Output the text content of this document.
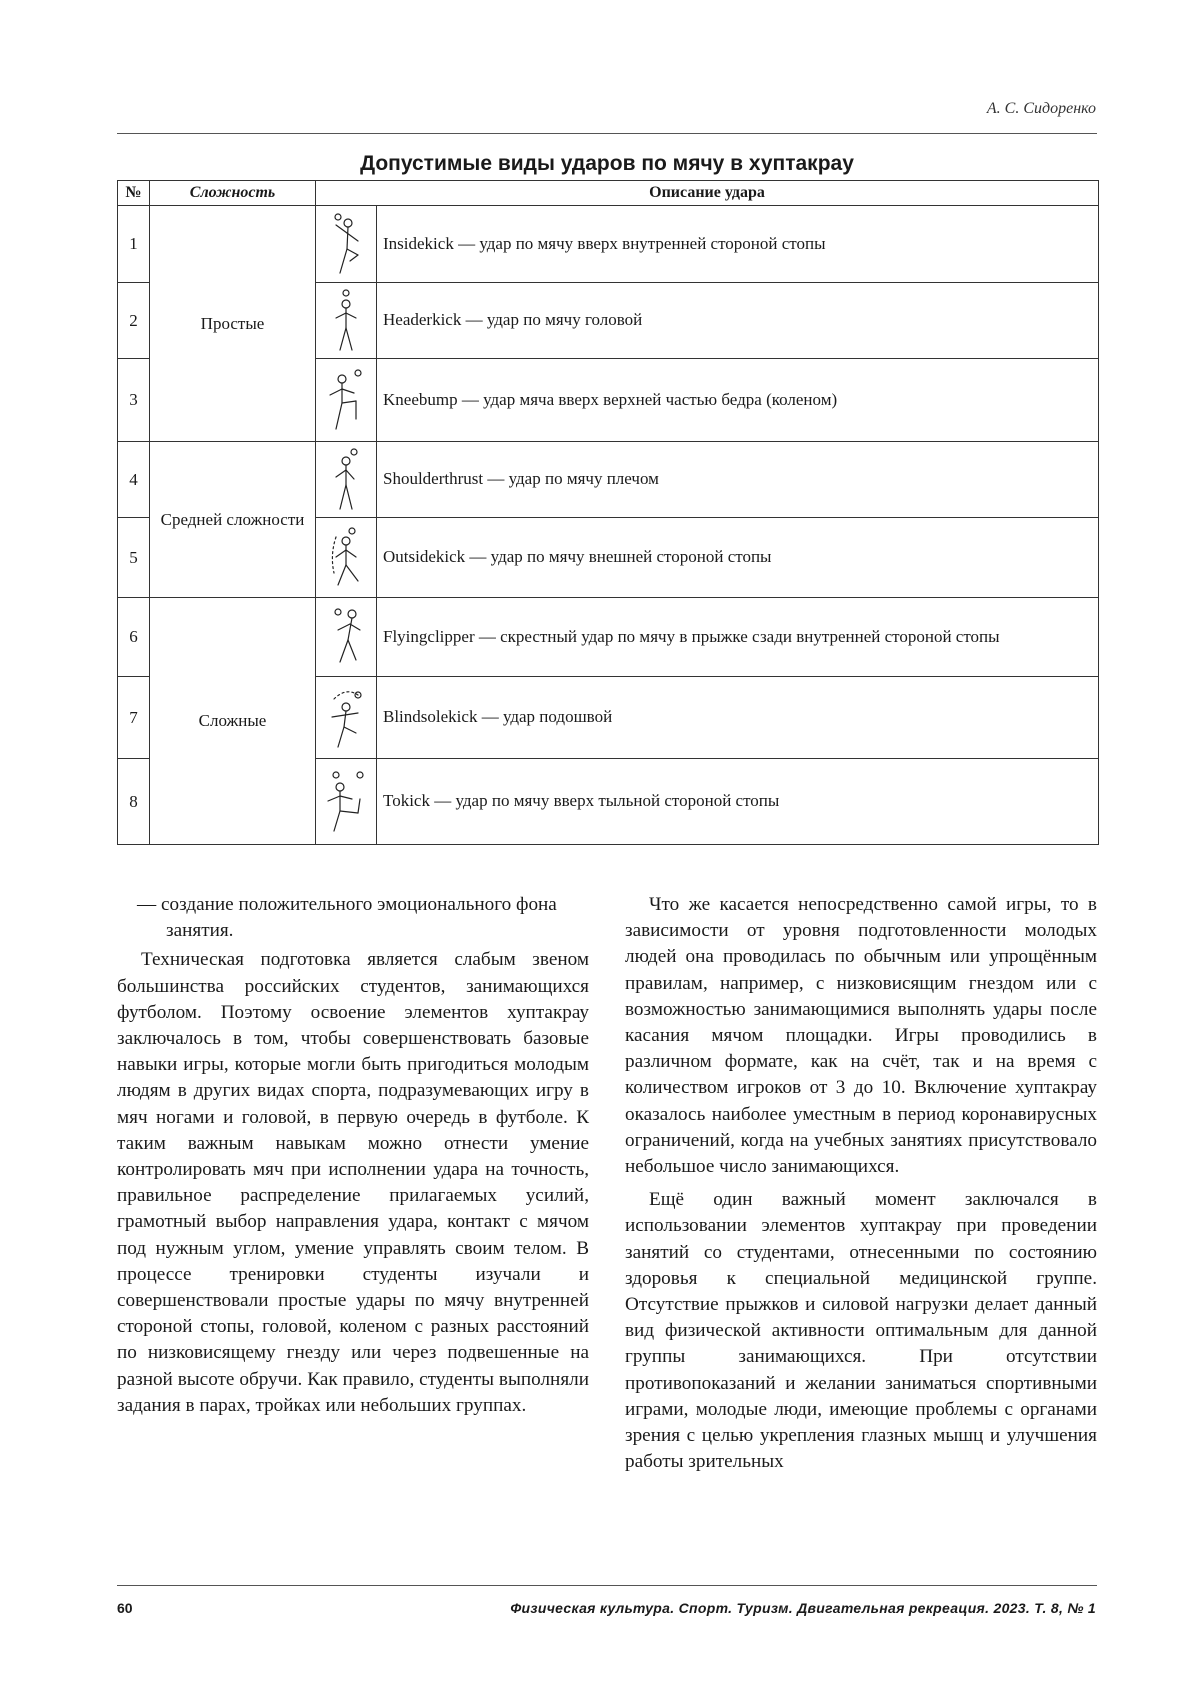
А. С. Сидоренко
Допустимые виды ударов по мячу в хуптакрау
№	Сложность	Описание удара	
1	Простые		Insidekick — удар по мячу вверх внутренней стороной стопы
2			Headerkick — удар по мячу головой
3			Kneebump — удар мяча вверх верхней частью бедра (коленом)
4	Средней сложности		Shoulderthrust — удар по мячу плечом
5			Outsidekick — удар по мячу внешней стороной стопы
6	Сложные		Flyingclipper — скрестный удар по мячу в прыжке сзади внутренней стороной стопы
7			Blindsolekick — удар подошвой
8			Tokick — удар по мячу вверх тыльной стороной стопы

— создание положительного эмоционального фона занятия.

Техническая подготовка является слабым звеном большинства российских студентов, занимающихся футболом. Поэтому освоение элементов хуптакрау заключалось в том, чтобы совершенствовать базовые навыки игры, которые могли быть пригодиться молодым людям в других видах спорта, подразумевающих игру в мяч ногами и головой, в первую очередь в футболе. К таким важным навыкам можно отнести умение контролировать мяч при исполнении удара на точность, правильное распределение прилагаемых усилий, грамотный выбор направления удара, контакт с мячом под нужным углом, умение управлять своим телом. В процессе тренировки студенты изучали и совершенствовали простые удары по мячу внутренней стороной стопы, головой, коленом с разных расстояний по низковисящему гнезду или через подвешенные на разной высоте обручи. Как правило, студенты выполняли задания в парах, тройках или небольших группах.

Что же касается непосредственно самой игры, то в зависимости от уровня подготовленности молодых людей она проводилась по обычным или упрощённым правилам, например, с низковисящим гнездом или с возможностью занимающимися выполнять удары после касания мячом площадки. Игры проводились в различном формате, как на счёт, так и на время с количеством игроков от 3 до 10. Включение хуптакрау оказалось наиболее уместным в период коронавирусных ограничений, когда на учебных занятиях присутствовало небольшое число занимающихся.

Ещё один важный момент заключался в использовании элементов хуптакрау при проведении занятий со студентами, отнесенными по состоянию здоровья к специальной медицинской группе. Отсутствие прыжков и силовой нагрузки делает данный вид физической активности оптимальным для данной группы занимающихся. При отсутствии противопоказаний и желании заниматься спортивными играми, молодые люди, имеющие проблемы с органами зрения с целью укрепления глазных мышц и улучшения работы зрительных

60	Физическая культура. Спорт. Туризм. Двигательная рекреация. 2023. Т. 8, № 1
